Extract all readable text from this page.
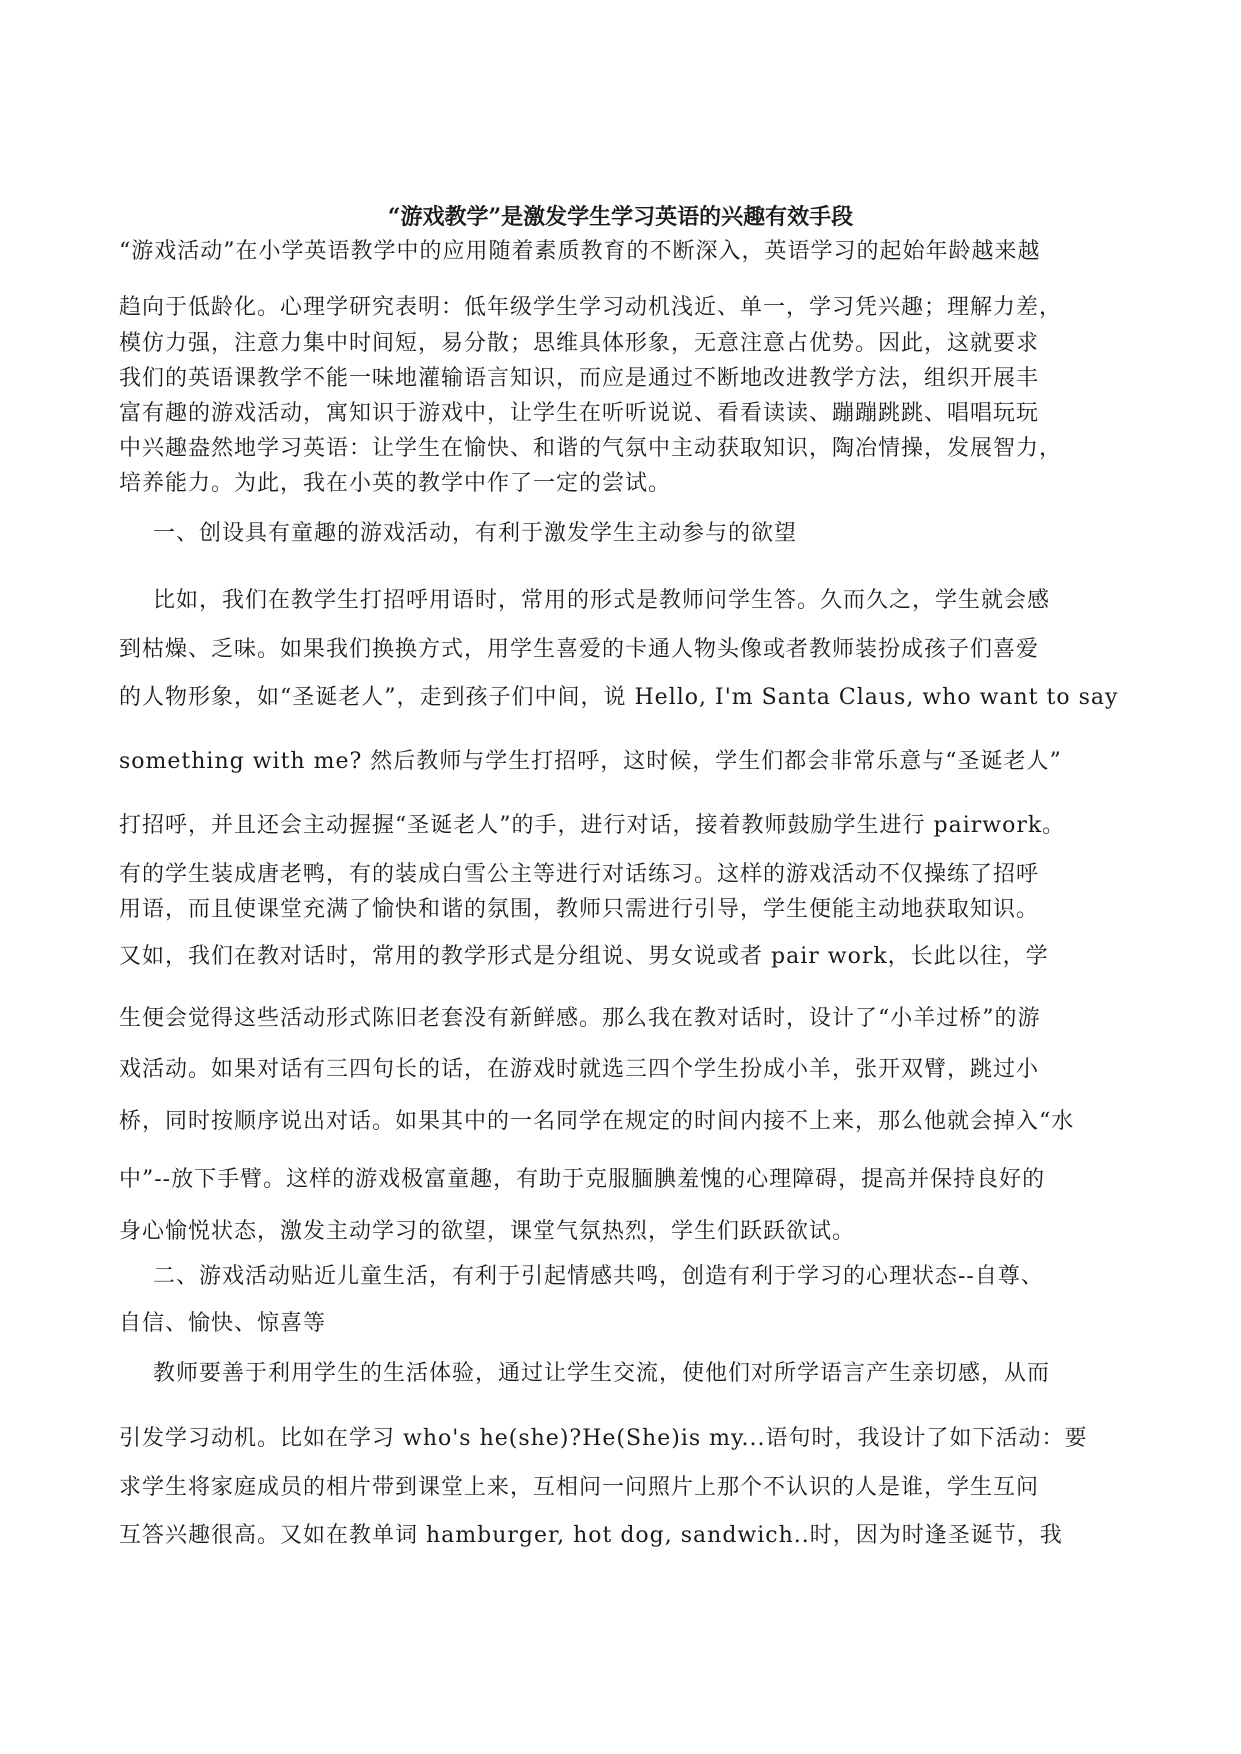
“游戏教学”是激发学生学习英语的兴趣有效手段
“游戏活动”在小学英语教学中的应用随着素质教育的不断深入，英语学习的起始年龄越来越
趋向于低龄化。心理学研究表明：低年级学生学习动机浅近、单一，学习凭兴趣；理解力差，
模仿力强，注意力集中时间短，易分散；思维具体形象，无意注意占优势。因此，这就要求
我们的英语课教学不能一味地灌输语言知识，而应是通过不断地改进教学方法，组织开展丰
富有趣的游戏活动，寓知识于游戏中，让学生在听听说说、看看读读、蹦蹦跳跳、唱唱玩玩
中兴趣盎然地学习英语：让学生在愉快、和谐的气氛中主动获取知识，陶冶情操，发展智力，
培养能力。为此，我在小英的教学中作了一定的尝试。
一、创设具有童趣的游戏活动，有利于激发学生主动参与的欲望
比如，我们在教学生打招呼用语时，常用的形式是教师问学生答。久而久之，学生就会感
到枯燥、乏味。如果我们换换方式，用学生喜爱的卡通人物头像或者教师装扮成孩子们喜爱
的人物形象，如“圣诞老人”，走到孩子们中间，说 Hello, I'm Santa Claus, who want to say
something with me? 然后教师与学生打招呼，这时候，学生们都会非常乐意与“圣诞老人”
打招呼，并且还会主动握握“圣诞老人”的手，进行对话，接着教师鼓励学生进行 pairwork。
有的学生装成唐老鸭，有的装成白雪公主等进行对话练习。这样的游戏活动不仅操练了招呼
用语，而且使课堂充满了愉快和谐的氛围，教师只需进行引导，学生便能主动地获取知识。
又如，我们在教对话时，常用的教学形式是分组说、男女说或者 pair work，长此以往，学
生便会觉得这些活动形式陈旧老套没有新鲜感。那么我在教对话时，设计了“小羊过桥”的游
戏活动。如果对话有三四句长的话，在游戏时就选三四个学生扮成小羊，张开双臂，跳过小
桥，同时按顺序说出对话。如果其中的一名同学在规定的时间内接不上来，那么他就会掉入“水
中”--放下手臂。这样的游戏极富童趣，有助于克服腼腆羞愧的心理障碍，提高并保持良好的
身心愉悦状态，激发主动学习的欲望，课堂气氛热烈，学生们跃跃欲试。
二、游戏活动贴近儿童生活，有利于引起情感共鸣，创造有利于学习的心理状态--自尊、
自信、愉快、惊喜等
教师要善于利用学生的生活体验，通过让学生交流，使他们对所学语言产生亲切感，从而
引发学习动机。比如在学习 who's he(she)?He(She)is my...语句时，我设计了如下活动：要
求学生将家庭成员的相片带到课堂上来，互相问一问照片上那个不认识的人是谁，学生互问
互答兴趣很高。又如在教单词 hamburger, hot dog, sandwich..时，因为时逢圣诞节，我
